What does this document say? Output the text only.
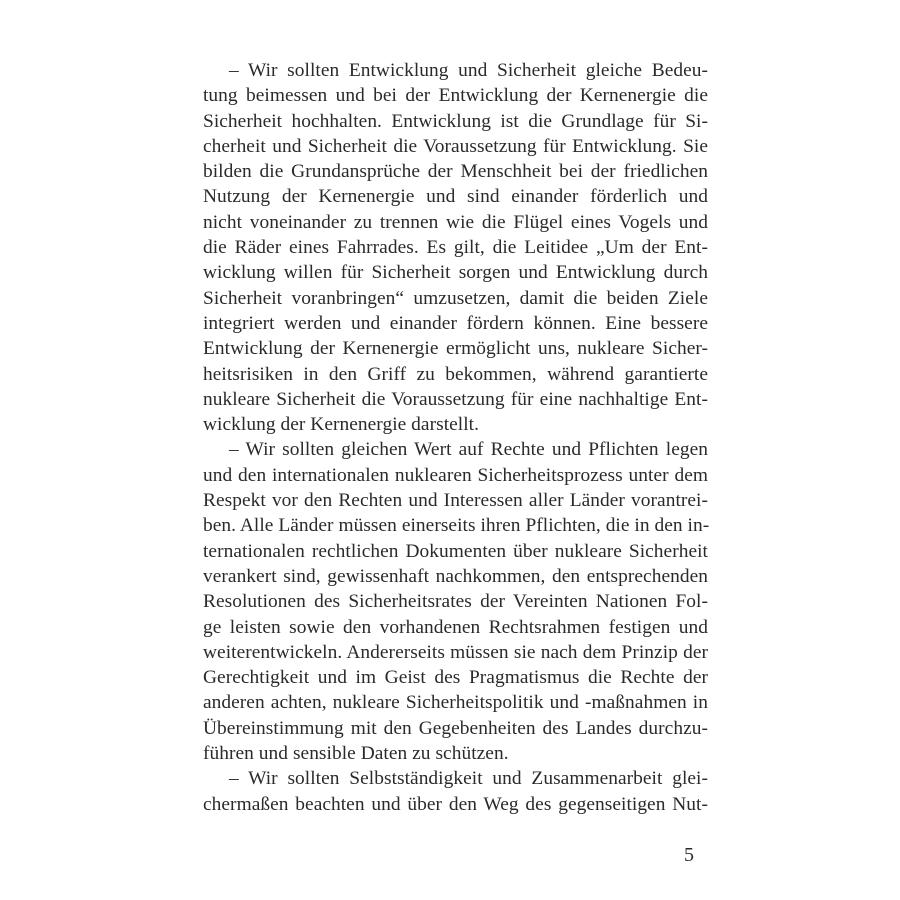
– Wir sollten Entwicklung und Sicherheit gleiche Bedeu-
tung beimessen und bei der Entwicklung der Kernenergie die
Sicherheit hochhalten. Entwicklung ist die Grundlage für Si-
cherheit und Sicherheit die Voraussetzung für Entwicklung. Sie
bilden die Grundansprüche der Menschheit bei der friedlichen
Nutzung der Kernenergie und sind einander förderlich und
nicht voneinander zu trennen wie die Flügel eines Vogels und
die Räder eines Fahrrades. Es gilt, die Leitidee „Um der Ent-
wicklung willen für Sicherheit sorgen und Entwicklung durch
Sicherheit voranbringen“ umzusetzen, damit die beiden Ziele
integriert werden und einander fördern können. Eine bessere
Entwicklung der Kernenergie ermöglicht uns, nukleare Sicher-
heitsrisiken in den Griff zu bekommen, während garantierte
nukleare Sicherheit die Voraussetzung für eine nachhaltige Ent-
wicklung der Kernenergie darstellt.
– Wir sollten gleichen Wert auf Rechte und Pflichten legen
und den internationalen nuklearen Sicherheitsprozess unter dem
Respekt vor den Rechten und Interessen aller Länder vorantrei-
ben. Alle Länder müssen einerseits ihren Pflichten, die in den in-
ternationalen rechtlichen Dokumenten über nukleare Sicherheit
verankert sind, gewissenhaft nachkommen, den entsprechenden
Resolutionen des Sicherheitsrates der Vereinten Nationen Fol-
ge leisten sowie den vorhandenen Rechtsrahmen festigen und
weiterentwickeln. Andererseits müssen sie nach dem Prinzip der
Gerechtigkeit und im Geist des Pragmatismus die Rechte der
anderen achten, nukleare Sicherheitspolitik und -maßnahmen in
Übereinstimmung mit den Gegebenheiten des Landes durchzu-
führen und sensible Daten zu schützen.
– Wir sollten Selbstständigkeit und Zusammenarbeit glei-
chermaßen beachten und über den Weg des gegenseitigen Nut-
5
